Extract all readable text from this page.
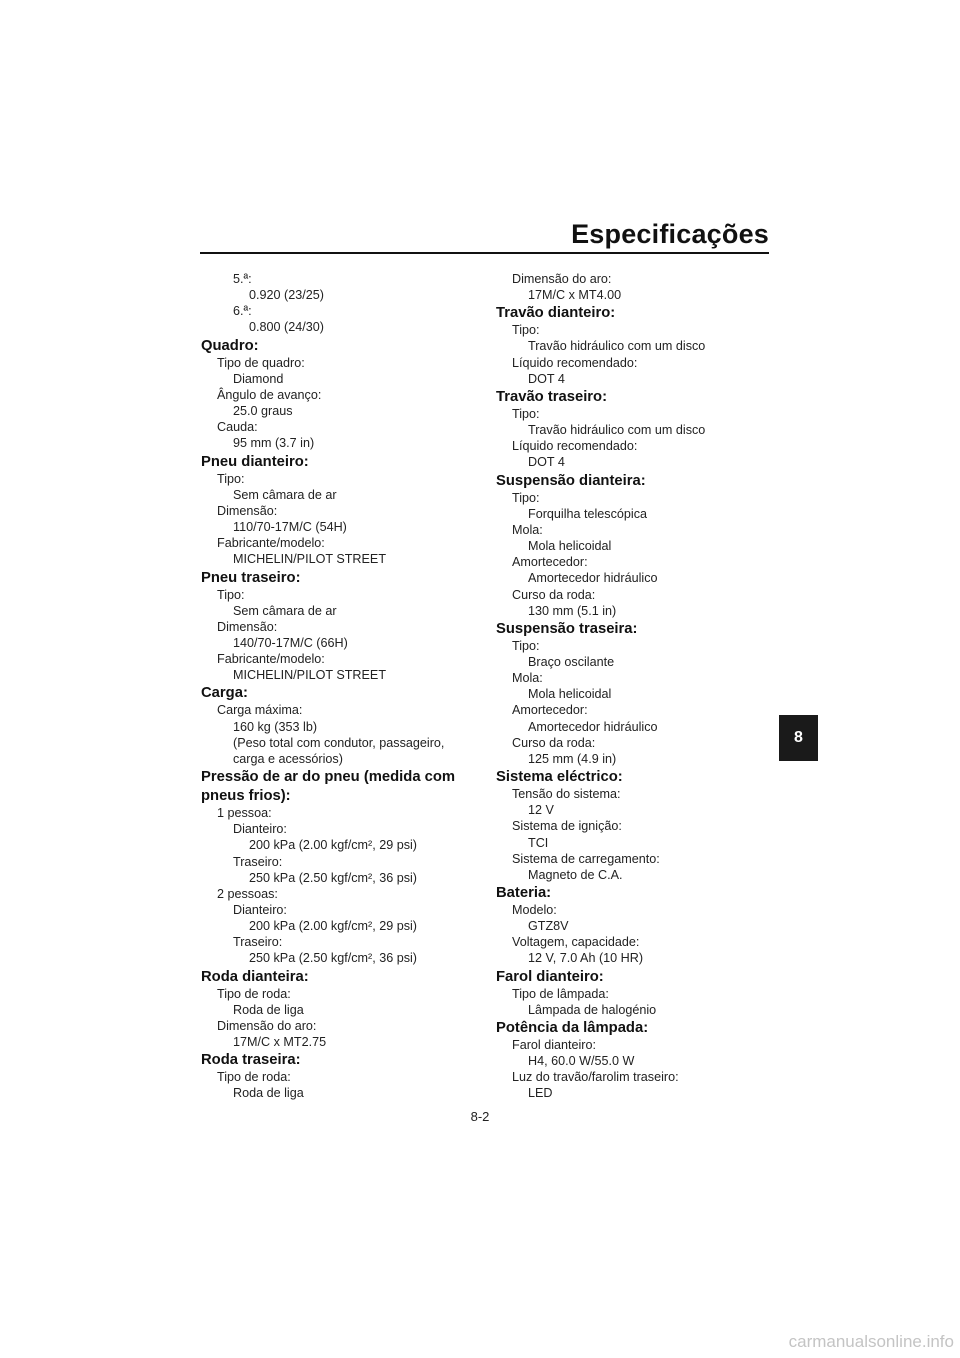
Especificações
5.ª:
0.920 (23/25)
6.ª:
0.800 (24/30)
Quadro:
Tipo de quadro:
Diamond
Ângulo de avanço:
25.0 graus
Cauda:
95 mm (3.7 in)
Pneu dianteiro:
Tipo:
Sem câmara de ar
Dimensão:
110/70-17M/C (54H)
Fabricante/modelo:
MICHELIN/PILOT STREET
Pneu traseiro:
Tipo:
Sem câmara de ar
Dimensão:
140/70-17M/C (66H)
Fabricante/modelo:
MICHELIN/PILOT STREET
Carga:
Carga máxima:
160 kg (353 lb)
(Peso total com condutor, passageiro,
carga e acessórios)
Pressão de ar do pneu (medida com
pneus frios):
1 pessoa:
Dianteiro:
200 kPa (2.00 kgf/cm², 29 psi)
Traseiro:
250 kPa (2.50 kgf/cm², 36 psi)
2 pessoas:
Dianteiro:
200 kPa (2.00 kgf/cm², 29 psi)
Traseiro:
250 kPa (2.50 kgf/cm², 36 psi)
Roda dianteira:
Tipo de roda:
Roda de liga
Dimensão do aro:
17M/C x MT2.75
Roda traseira:
Tipo de roda:
Roda de liga
Dimensão do aro:
17M/C x MT4.00
Travão dianteiro:
Tipo:
Travão hidráulico com um disco
Líquido recomendado:
DOT 4
Travão traseiro:
Tipo:
Travão hidráulico com um disco
Líquido recomendado:
DOT 4
Suspensão dianteira:
Tipo:
Forquilha telescópica
Mola:
Mola helicoidal
Amortecedor:
Amortecedor hidráulico
Curso da roda:
130 mm (5.1 in)
Suspensão traseira:
Tipo:
Braço oscilante
Mola:
Mola helicoidal
Amortecedor:
Amortecedor hidráulico
Curso da roda:
125 mm (4.9 in)
Sistema eléctrico:
Tensão do sistema:
12 V
Sistema de ignição:
TCI
Sistema de carregamento:
Magneto de C.A.
Bateria:
Modelo:
GTZ8V
Voltagem, capacidade:
12 V, 7.0 Ah (10 HR)
Farol dianteiro:
Tipo de lâmpada:
Lâmpada de halogénio
Potência da lâmpada:
Farol dianteiro:
H4, 60.0 W/55.0 W
Luz do travão/farolim traseiro:
LED
8
8-2
carmanualsonline.info
